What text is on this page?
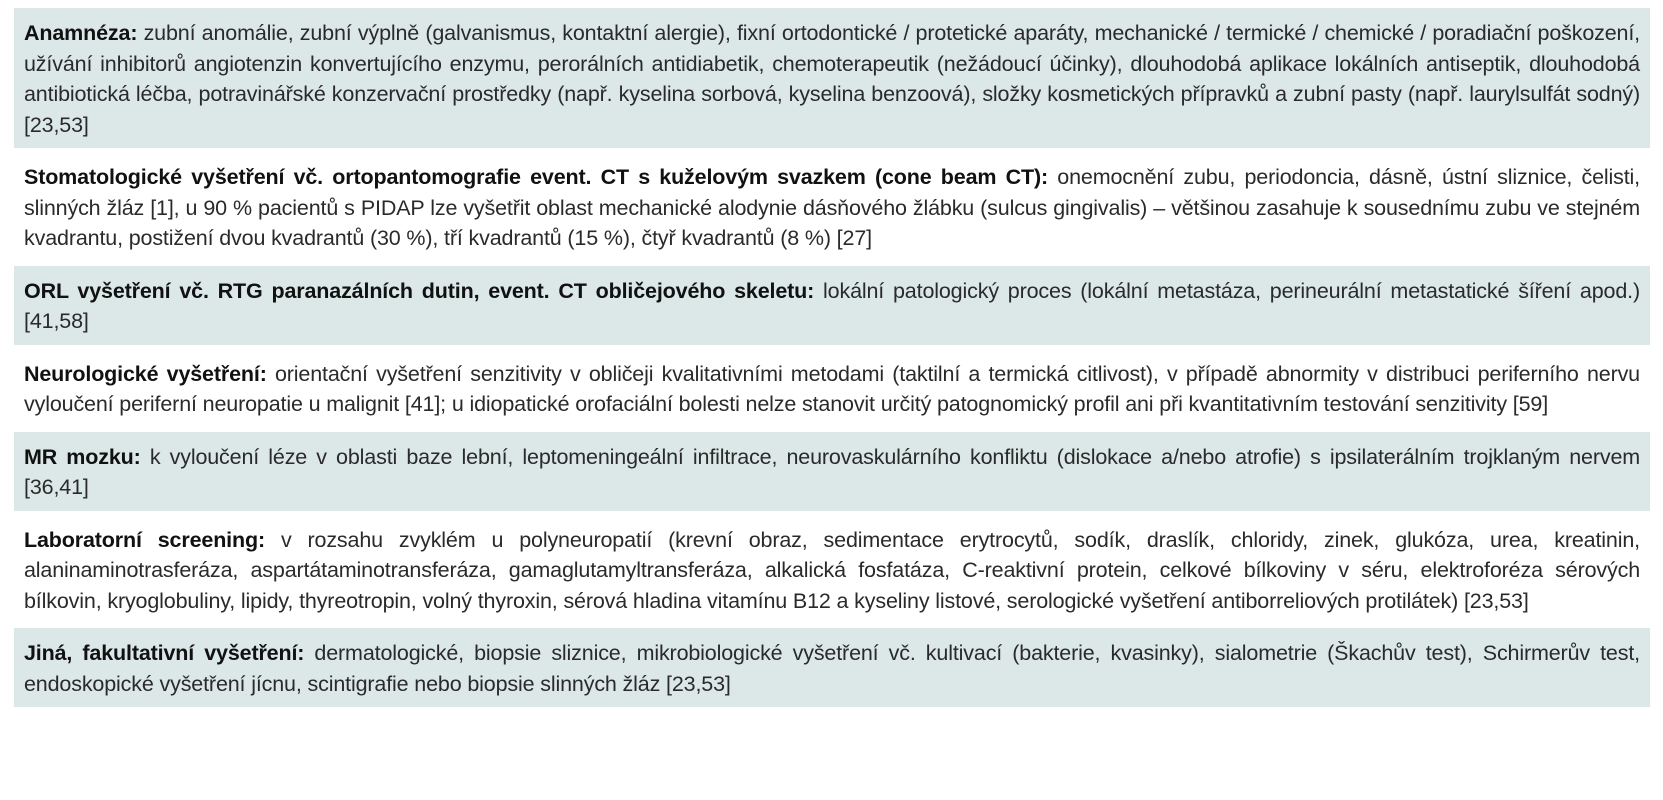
Anamnéza: zubní anomálie, zubní výplně (galvanismus, kontaktní alergie), fixní ortodontické / protetické aparáty, mechanické / termické / chemické / poradiační poškození, užívání inhibitorů angiotenzin konvertujícího enzymu, perorálních antidiabetik, chemoterapeutik (nežádoucí účinky), dlouhodobá aplikace lokálních antiseptik, dlouhodobá antibiotická léčba, potravinářské konzervační prostředky (např. kyselina sorbová, kyselina benzoová), složky kosmetických přípravků a zubní pasty (např. laurylsulfát sodný) [23,53]
Stomatologické vyšetření vč. ortopantomografie event. CT s kuželovým svazkem (cone beam CT): onemocnění zubu, periodoncia, dásně, ústní sliznice, čelisti, slinných žláz [1], u 90 % pacientů s PIDAP lze vyšetřit oblast mechanické alodynie dásňového žlábku (sulcus gingivalis) – většinou zasahuje k sousednímu zubu ve stejném kvadrantu, postižení dvou kvadrantů (30 %), tří kvadrantů (15 %), čtyř kvadrantů (8 %) [27]
ORL vyšetření vč. RTG paranazálních dutin, event. CT obličejového skeletu: lokální patologický proces (lokální metastáza, perineurální metastatické šíření apod.) [41,58]
Neurologické vyšetření: orientační vyšetření senzitivity v obličeji kvalitativními metodami (taktilní a termická citlivost), v případě abnormity v distribuci periferního nervu vyloučení periferní neuropatie u malignit [41]; u idiopatické orofaciální bolesti nelze stanovit určitý patognomický profil ani při kvantitativním testování senzitivity [59]
MR mozku: k vyloučení léze v oblasti baze lební, leptomeningeální infiltrace, neurovaskulárního konfliktu (dislokace a/nebo atrofie) s ipsilaterálním trojklaným nervem [36,41]
Laboratorní screening: v rozsahu zvyklém u polyneuropatií (krevní obraz, sedimentace erytrocytů, sodík, draslík, chloridy, zinek, glukóza, urea, kreatinin, alaninaminotrasferáza, aspartátaminotransferáza, gamaglutamyltransferáza, alkalická fosfatáza, C-reaktivní protein, celkové bílkoviny v séru, elektroforéza sérových bílkovin, kryoglobuliny, lipidy, thyreotropin, volný thyroxin, sérová hladina vitamínu B12 a kyseliny listové, serologické vyšetření antiborreliových protilátek) [23,53]
Jiná, fakultativní vyšetření: dermatologické, biopsie sliznice, mikrobiologické vyšetření vč. kultivací (bakterie, kvasinky), sialometrie (Škachův test), Schirmerův test, endoskopické vyšetření jícnu, scintigrafie nebo biopsie slinných žláz [23,53]
